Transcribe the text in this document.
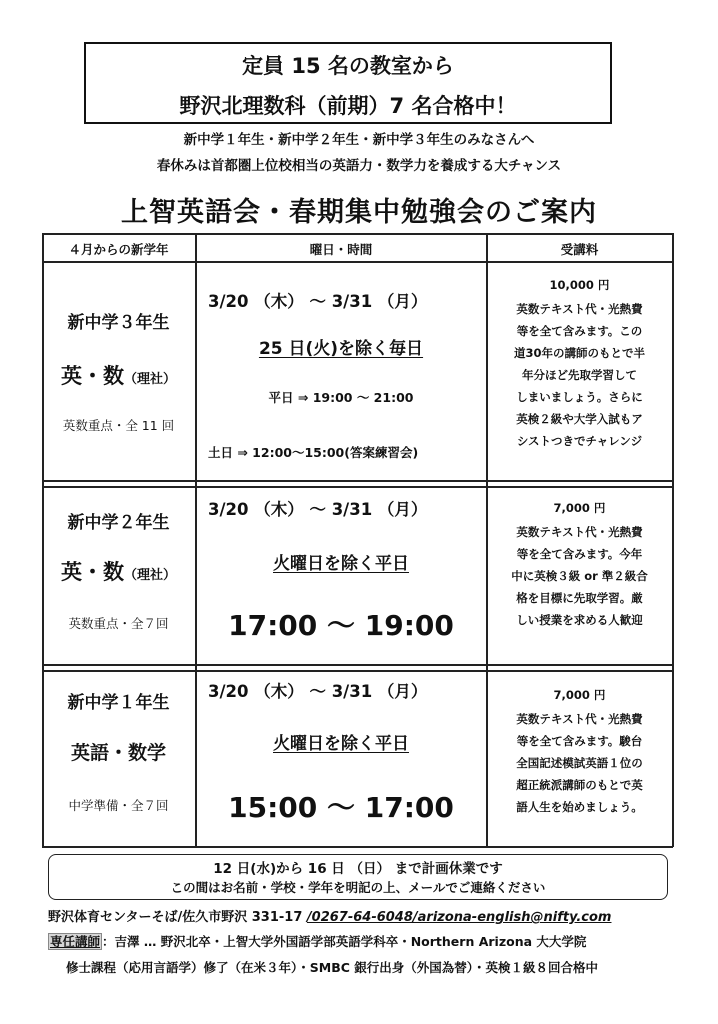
定員 15 名の教室から
野沢北理数科（前期）7 名合格中！
新中学１年生・新中学２年生・新中学３年生のみなさんへ
春休みは首都圏上位校相当の英語力・数学力を養成する大チャンス
上智英語会・春期集中勉強会のご案内
４月からの新学年	曜日・時間	受講料
新中学３年生
英・数（理社）
英数重点・全 11 回
3/20 （木） ～ 3/31 （月）
25 日(火)を除く毎日
平日 ⇒ 19:00 ～ 21:00
土日 ⇒ 12:00～15:00(答案練習会)
10,000 円
英数テキスト代・光熱費
等を全て含みます。この
道30年の講師のもとで半
年分ほど先取学習して
しまいましょう。さらに
英検２級や大学入試もア
シストつきでチャレンジ
新中学２年生
英・数（理社）
英数重点・全７回
3/20 （木） ～ 3/31 （月）
火曜日を除く平日
17:00 ～ 19:00
7,000 円
英数テキスト代・光熱費
等を全て含みます。今年
中に英検３級 or 準２級合
格を目標に先取学習。厳
しい授業を求める人歓迎
新中学１年生
英語・数学
中学準備・全７回
3/20 （木） ～ 3/31 （月）
火曜日を除く平日
15:00 ～ 17:00
7,000 円
英数テキスト代・光熱費
等を全て含みます。駿台
全国記述模試英語１位の
超正統派講師のもとで英
語人生を始めましょう。
12 日(水)から 16 日 （日） まで計画休業です
この間はお名前・学校・学年を明記の上、メールでご連絡ください
野沢体育センターそば/佐久市野沢 331-17 /0267-64-6048/arizona-english@nifty.com
専任講師 ：吉澤 … 野沢北卒・上智大学外国語学部英語学科卒・Northern Arizona 大大学院
修士課程（応用言語学）修了（在米３年）・SMBC 銀行出身（外国為替）・英検１級８回合格中
